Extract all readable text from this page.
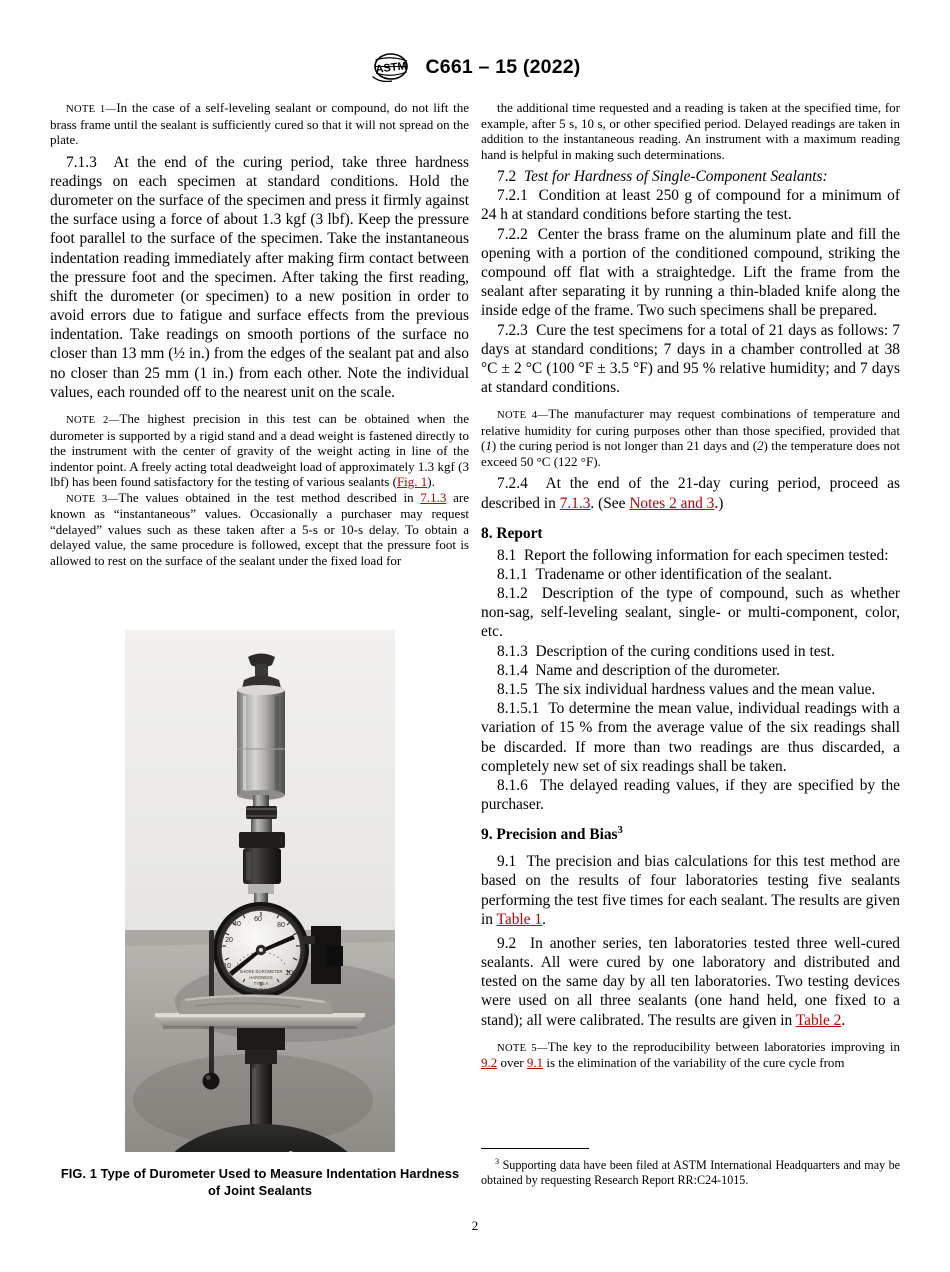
ASTM C661 – 15 (2022)

NOTE 1—In the case of a self-leveling sealant or compound, do not lift the brass frame until the sealant is sufficiently cured so that it will not spread on the plate.

7.1.3 At the end of the curing period, take three hardness readings on each specimen at standard conditions. Hold the durometer on the surface of the specimen and press it firmly against the surface using a force of about 1.3 kgf (3 lbf). Keep the pressure foot parallel to the surface of the specimen. Take the instantaneous indentation reading immediately after making firm contact between the pressure foot and the specimen. After taking the first reading, shift the durometer (or specimen) to a new position in order to avoid errors due to fatigue and surface effects from the previous indentation. Take readings on smooth portions of the surface no closer than 13 mm (½ in.) from the edges of the sealant pat and also no closer than 25 mm (1 in.) from each other. Note the individual values, each rounded off to the nearest unit on the scale.

NOTE 2—The highest precision in this test can be obtained when the durometer is supported by a rigid stand and a dead weight is fastened directly to the instrument with the center of gravity of the weight acting in line of the indentor point. A freely acting total deadweight load of approximately 1.3 kgf (3 lbf) has been found satisfactory for the testing of various sealants (Fig. 1).

NOTE 3—The values obtained in the test method described in 7.1.3 are known as “instantaneous” values. Occasionally a purchaser may request “delayed” values such as these taken after a 5-s or 10-s delay. To obtain a delayed value, the same procedure is followed, except that the pressure foot is allowed to rest on the surface of the sealant under the fixed load for

the additional time requested and a reading is taken at the specified time, for example, after 5 s, 10 s, or other specified period. Delayed readings are taken in addition to the instantaneous reading. An instrument with a maximum reading hand is helpful in making such determinations.

7.2 Test for Hardness of Single-Component Sealants:

7.2.1 Condition at least 250 g of compound for a minimum of 24 h at standard conditions before starting the test.

7.2.2 Center the brass frame on the aluminum plate and fill the opening with a portion of the conditioned compound, striking the compound off flat with a straightedge. Lift the frame from the sealant after separating it by running a thin-bladed knife along the inside edge of the frame. Two such specimens shall be prepared.

7.2.3 Cure the test specimens for a total of 21 days as follows: 7 days at standard conditions; 7 days in a chamber controlled at 38 °C ± 2 °C (100 °F ± 3.5 °F) and 95 % relative humidity; and 7 days at standard conditions.

NOTE 4—The manufacturer may request combinations of temperature and relative humidity for curing purposes other than those specified, provided that (1) the curing period is not longer than 21 days and (2) the temperature does not exceed 50 °C (122 °F).

7.2.4 At the end of the 21-day curing period, proceed as described in 7.1.3. (See Notes 2 and 3.)

8. Report

8.1 Report the following information for each specimen tested:

8.1.1 Tradename or other identification of the sealant.

8.1.2 Description of the type of compound, such as whether non-sag, self-leveling sealant, single- or multi-component, color, etc.

8.1.3 Description of the curing conditions used in test.

8.1.4 Name and description of the durometer.

8.1.5 The six individual hardness values and the mean value.

8.1.5.1 To determine the mean value, individual readings with a variation of 15 % from the average value of the six readings shall be discarded. If more than two readings are thus discarded, a completely new set of six readings shall be taken.

8.1.6 The delayed reading values, if they are specified by the purchaser.

9. Precision and Bias$^3$

9.1 The precision and bias calculations for this test method are based on the results of four laboratories testing five sealants performing the test five times for each sealant. The results are given in Table 1.

9.2 In another series, ten laboratories tested three well-cured sealants. All were cured by one laboratory and distributed and tested on the same day by all ten laboratories. Two testing devices were used on all three sealants (one hand held, one fixed to a stand); all were calibrated. The results are given in Table 2.

NOTE 5—The key to the reproducibility between laboratories improving in 9.2 over 9.1 is the elimination of the variability of the cure cycle from

40
60
80
100
20
10
SHORE DUROMETER
HARDNESS
TYPE A
MADE IN U.S.A.
FIG. 1 Type of Durometer Used to Measure Indentation Hardness
of Joint Sealants

$^3$ Supporting data have been filed at ASTM International Headquarters and may be obtained by requesting Research Report RR:C24-1015.

2
